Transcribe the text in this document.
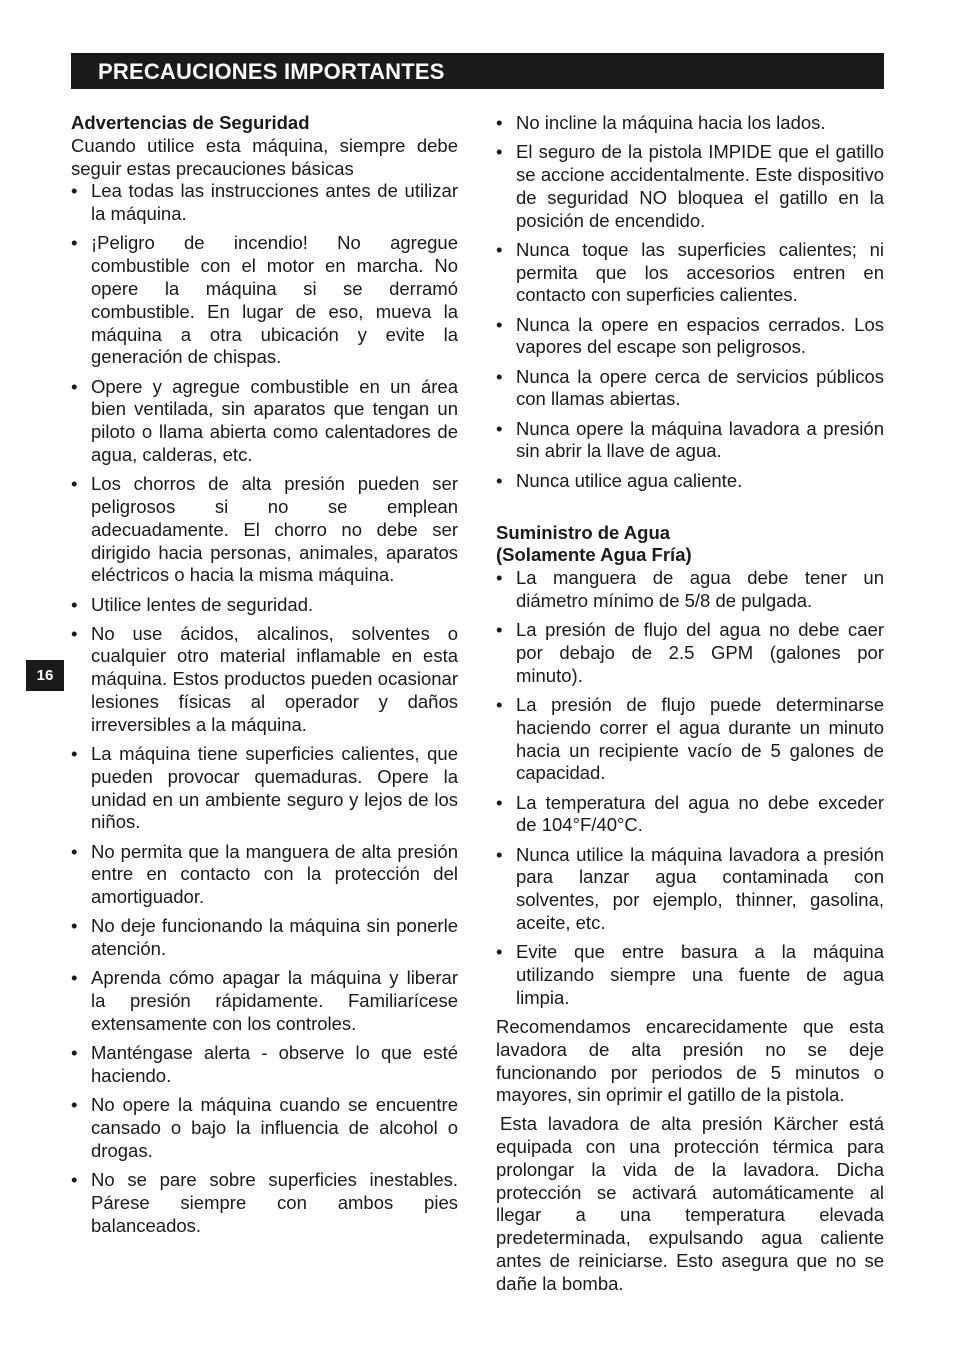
PRECAUCIONES IMPORTANTES
16
Advertencias de Seguridad
Cuando utilice esta máquina, siempre debe seguir estas precauciones básicas
• Lea todas las instrucciones antes de utilizar la máquina.
• ¡Peligro de incendio! No agregue combustible con el motor en marcha. No opere la máquina si se derramó combustible. En lugar de eso, mueva la máquina a otra ubicación y evite la generación de chispas.
• Opere y agregue combustible en un área bien ventilada, sin aparatos que tengan un piloto o llama abierta como calentadores de agua, calderas, etc.
• Los chorros de alta presión pueden ser peligrosos si no se emplean adecuadamente. El chorro no debe ser dirigido hacia personas, animales, aparatos eléctricos o hacia la misma máquina.
• Utilice lentes de seguridad.
• No use ácidos, alcalinos, solventes o cualquier otro material inflamable en esta máquina. Estos productos pueden ocasionar lesiones físicas al operador y daños irreversibles a la máquina.
• La máquina tiene superficies calientes, que pueden provocar quemaduras. Opere la unidad en un ambiente seguro y lejos de los niños.
• No permita que la manguera de alta presión entre en contacto con la protección del amortiguador.
• No deje funcionando la máquina sin ponerle atención.
• Aprenda cómo apagar la máquina y liberar la presión rápidamente. Familiarícese extensamente con los controles.
• Manténgase alerta - observe lo que esté haciendo.
• No opere la máquina cuando se encuentre cansado o bajo la influencia de alcohol o drogas.
• No se pare sobre superficies inestables. Párese siempre con ambos pies balanceados.
• No incline la máquina hacia los lados.
• El seguro de la pistola IMPIDE que el gatillo se accione accidentalmente. Este dispositivo de seguridad NO bloquea el gatillo en la posición de encendido.
• Nunca toque las superficies calientes; ni permita que los accesorios entren en contacto con superficies calientes.
• Nunca la opere en espacios cerrados. Los vapores del escape son peligrosos.
• Nunca la opere cerca de servicios públicos con llamas abiertas.
• Nunca opere la máquina lavadora a presión sin abrir la llave de agua.
• Nunca utilice agua caliente.
Suministro de Agua
(Solamente Agua Fría)
• La manguera de agua debe tener un diámetro mínimo de 5/8 de pulgada.
• La presión de flujo del agua no debe caer por debajo de 2.5 GPM (galones por minuto).
• La presión de flujo puede determinarse haciendo correr el agua durante un minuto hacia un recipiente vacío de 5 galones de capacidad.
• La temperatura del agua no debe exceder de 104°F/40°C.
• Nunca utilice la máquina lavadora a presión para lanzar agua contaminada con solventes, por ejemplo, thinner, gasolina, aceite, etc.
• Evite que entre basura a la máquina utilizando siempre una fuente de agua limpia.
Recomendamos encarecidamente que esta lavadora de alta presión no se deje funcionando por periodos de 5 minutos o mayores, sin oprimir el gatillo de la pistola.
Esta lavadora de alta presión Kärcher está equipada con una protección térmica para prolongar la vida de la lavadora. Dicha protección se activará automáticamente al llegar a una temperatura elevada predeterminada, expulsando agua caliente antes de reiniciarse. Esto asegura que no se dañe la bomba.
